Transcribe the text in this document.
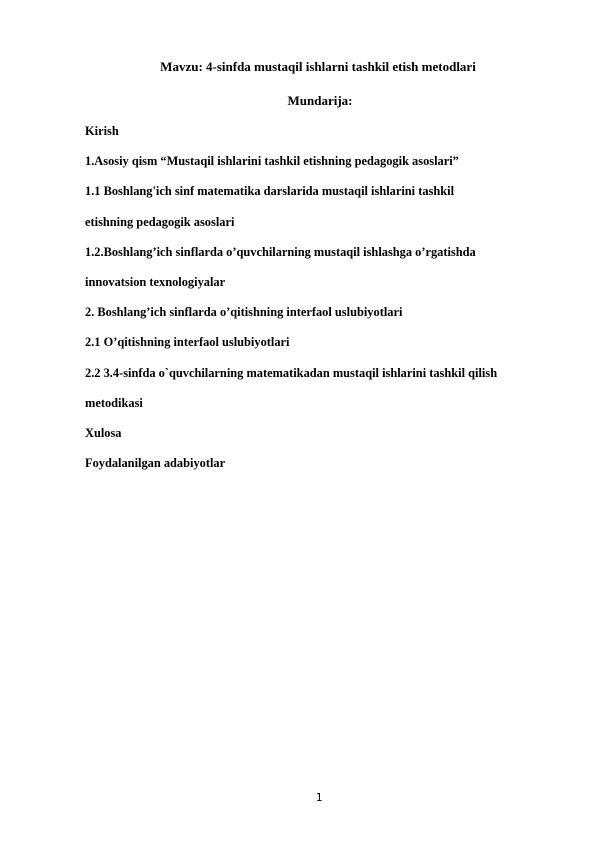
Mavzu: 4-sinfda mustaqil ishlarni tashkil etish metodlari
Mundarija:
Kirish
1.Asosiy qism “Mustaqil ishlarini tashkil etishning pedagogik asoslari”
1.1 Boshlang'ich sinf matematika darslarida mustaqil ishlarini tashkil
etishning pedagogik asoslari
1.2.Boshlang’ich sinflarda o’quvchilarning mustaqil ishlashga o’rgatishda
innovatsion texnologiyalar
2. Boshlang’ich sinflarda o’qitishning interfaol uslubiyotlari
2.1 O’qitishning interfaol uslubiyotlari
2.2 3.4-sinfda o`quvchilarning matematikadan mustaqil ishlarini tashkil qilish
metodikasi
Xulosa
Foydalanilgan adabiyotlar
1
